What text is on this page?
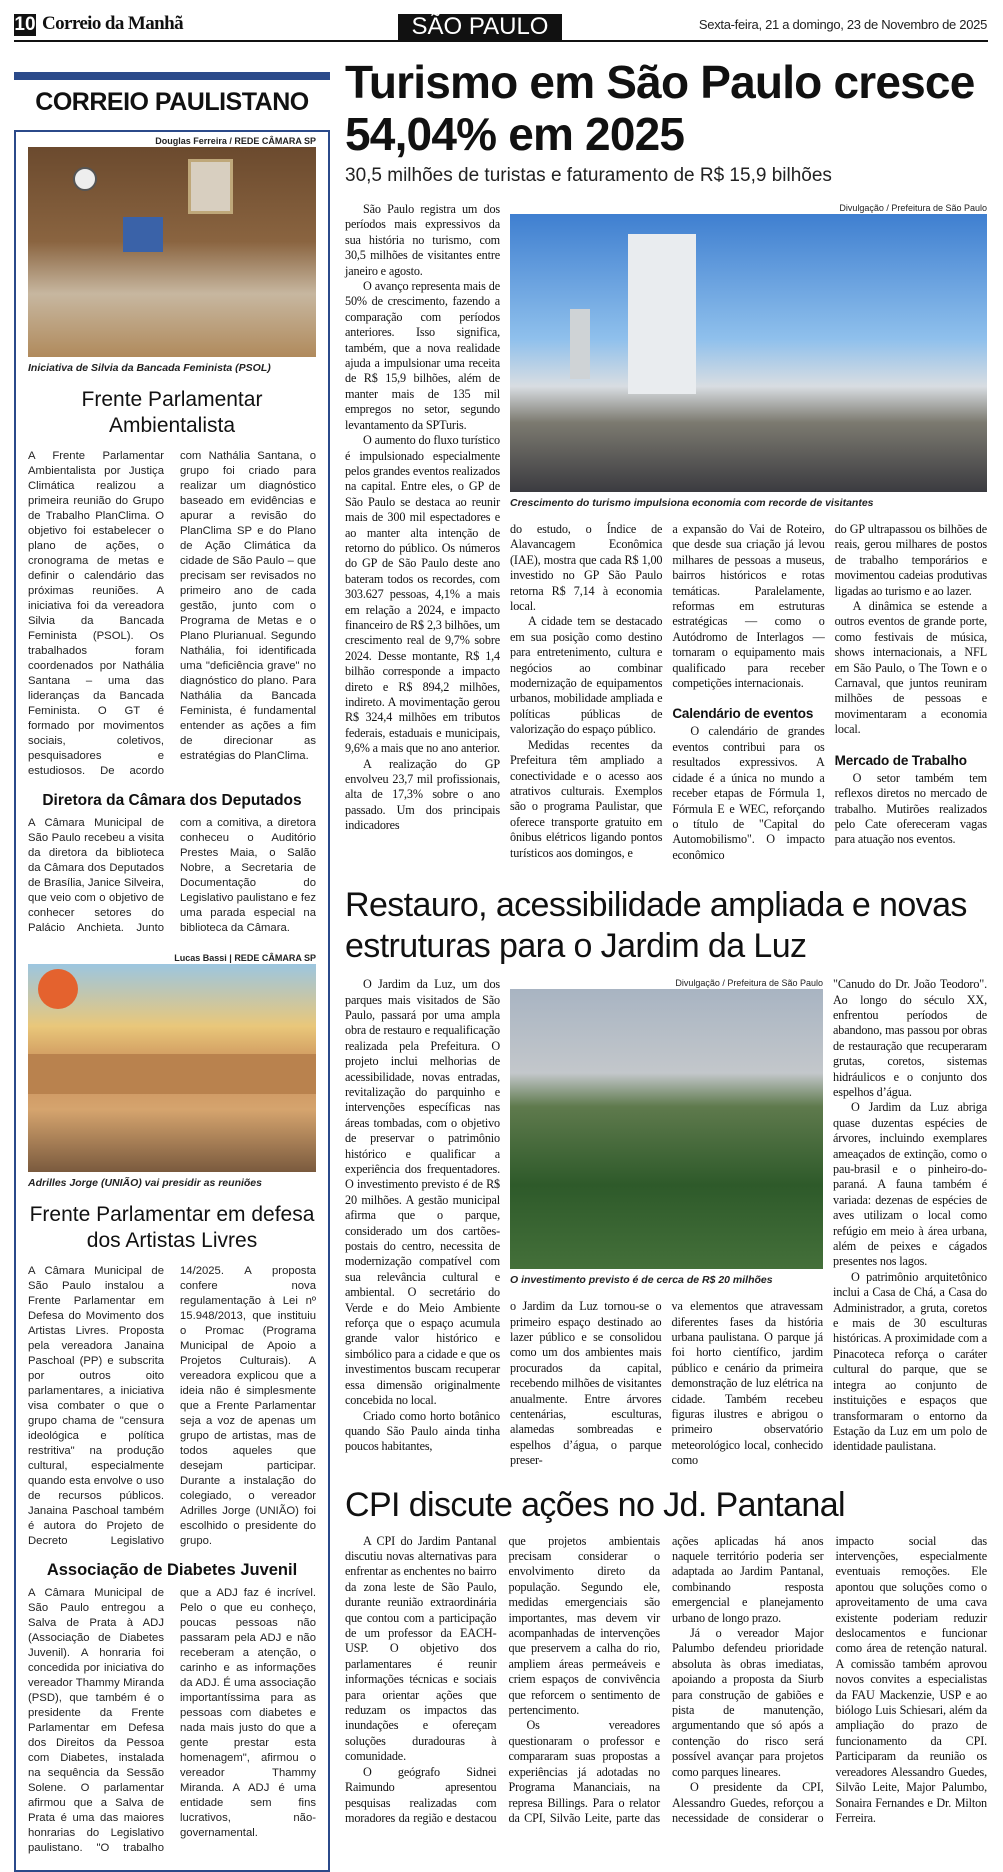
10 Correio da Manhã	SÃO PAULO	Sexta-feira, 21 a domingo, 23 de Novembro de 2025
CORREIO PAULISTANO
Douglas Ferreira / REDE CÂMARA SP
Iniciativa de Silvia da Bancada Feminista (PSOL)
Frente Parlamentar Ambientalista
A Frente Parlamentar Ambientalista por Justiça Climática realizou a primeira reunião do Grupo de Trabalho PlanClima. O objetivo foi estabelecer o plano de ações, o cronograma de metas e definir o calendário das próximas reuniões. A iniciativa foi da vereadora Silvia da Bancada Feminista (PSOL). Os trabalhados foram coordenados por Nathália Santana – uma das lideranças da Bancada Feminista. O GT é formado por movimentos sociais, coletivos, pesquisadores e estudiosos. De acordo com Nathália Santana, o grupo foi criado para realizar um diagnóstico baseado em evidências e apurar a revisão do PlanClima SP e do Plano de Ação Climática da cidade de São Paulo – que precisam ser revisados no primeiro ano de cada gestão, junto com o Programa de Metas e o Plano Plurianual. Segundo Nathália, foi identificada uma "deficiência grave" no diagnóstico do plano. Para Nathália da Bancada Feminista, é fundamental entender as ações a fim de direcionar as estratégias do PlanClima.
Diretora da Câmara dos Deputados
A Câmara Municipal de São Paulo recebeu a visita da diretora da biblioteca da Câmara dos Deputados de Brasília, Janice Silveira, que veio com o objetivo de conhecer setores do Palácio Anchieta. Junto com a comitiva, a diretora conheceu o Auditório Prestes Maia, o Salão Nobre, a Secretaria de Documentação do Legislativo paulistano e fez uma parada especial na biblioteca da Câmara.
Lucas Bassi | REDE CÂMARA SP
Adrilles Jorge (UNIÃO) vai presidir as reuniões
Frente Parlamentar em defesa dos Artistas Livres
A Câmara Municipal de São Paulo instalou a Frente Parlamentar em Defesa do Movimento dos Artistas Livres. Proposta pela vereadora Janaina Paschoal (PP) e subscrita por outros oito parlamentares, a iniciativa visa combater o que o grupo chama de "censura ideológica e política restritiva" na produção cultural, especialmente quando esta envolve o uso de recursos públicos. Janaina Paschoal também é autora do Projeto de Decreto Legislativo 14/2025. A proposta confere nova regulamentação à Lei nº 15.948/2013, que instituiu o Promac (Programa Municipal de Apoio a Projetos Culturais). A vereadora explicou que a ideia não é simplesmente que a Frente Parlamentar seja a voz de apenas um grupo de artistas, mas de todos aqueles que desejam participar. Durante a instalação do colegiado, o vereador Adrilles Jorge (UNIÃO) foi escolhido o presidente do grupo.
Associação de Diabetes Juvenil
A Câmara Municipal de São Paulo entregou a Salva de Prata à ADJ (Associação de Diabetes Juvenil). A honraria foi concedida por iniciativa do vereador Thammy Miranda (PSD), que também é o presidente da Frente Parlamentar em Defesa dos Direitos da Pessoa com Diabetes, instalada na sequência da Sessão Solene. O parlamentar afirmou que a Salva de Prata é uma das maiores honrarias do Legislativo paulistano. "O trabalho que a ADJ faz é incrível. Pelo o que eu conheço, poucas pessoas não passaram pela ADJ e não receberam a atenção, o carinho e as informações da ADJ. É uma associação importantíssima para as pessoas com diabetes e nada mais justo do que a gente prestar esta homenagem", afirmou o vereador Thammy Miranda. A ADJ é uma entidade sem fins lucrativos, não-governamental.
Turismo em São Paulo cresce 54,04% em 2025
30,5 milhões de turistas e faturamento de R$ 15,9 bilhões

São Paulo registra um dos períodos mais expressivos da sua história no turismo, com 30,5 milhões de visitantes entre janeiro e agosto.

O avanço representa mais de 50% de crescimento, fazendo a comparação com períodos anteriores. Isso significa, também, que a nova realidade ajuda a impulsionar uma receita de R$ 15,9 bilhões, além de manter mais de 135 mil empregos no setor, segundo levantamento da SPTuris.

O aumento do fluxo turístico é impulsionado especialmente pelos grandes eventos realizados na capital. Entre eles, o GP de São Paulo se destaca ao reunir mais de 300 mil espectadores e ao manter alta intenção de retorno do público. Os números do GP de São Paulo deste ano bateram todos os recordes, com 303.627 pessoas, 4,1% a mais em relação a 2024, e impacto financeiro de R$ 2,3 bilhões, um crescimento real de 9,7% sobre 2024. Desse montante, R$ 1,4 bilhão corresponde a impacto direto e R$ 894,2 milhões, indireto. A movimentação gerou R$ 324,4 milhões em tributos federais, estaduais e municipais, 9,6% a mais que no ano anterior.

A realização do GP envolveu 23,7 mil profissionais, alta de 17,3% sobre o ano passado. Um dos principais indicadores

Divulgação / Prefeitura de São Paulo
Crescimento do turismo impulsiona economia com recorde de visitantes

do estudo, o Índice de Alavancagem Econômica (IAE), mostra que cada R$ 1,00 investido no GP São Paulo retorna R$ 7,14 à economia local.

A cidade tem se destacado em sua posição como destino para entretenimento, cultura e negócios ao combinar modernização de equipamentos urbanos, mobilidade ampliada e políticas públicas de valorização do espaço público.

Medidas recentes da Prefeitura têm ampliado a conectividade e o acesso aos atrativos culturais. Exemplos são o programa Paulistar, que oferece transporte gratuito em ônibus elétricos ligando pontos turísticos aos domingos, e

a expansão do Vai de Roteiro, que desde sua criação já levou milhares de pessoas a museus, bairros históricos e rotas temáticas. Paralelamente, reformas em estruturas estratégicas — como o Autódromo de Interlagos — tornaram o equipamento mais qualificado para receber competições internacionais.

Calendário de eventos

O calendário de grandes eventos contribui para os resultados expressivos. A cidade é a única no mundo a receber etapas de Fórmula 1, Fórmula E e WEC, reforçando o título de "Capital do Automobilismo". O impacto econômico

do GP ultrapassou os bilhões de reais, gerou milhares de postos de trabalho temporários e movimentou cadeias produtivas ligadas ao turismo e ao lazer.

A dinâmica se estende a outros eventos de grande porte, como festivais de música, shows internacionais, a NFL em São Paulo, o The Town e o Carnaval, que juntos reuniram milhões de pessoas e movimentaram a economia local.

Mercado de Trabalho

O setor também tem reflexos diretos no mercado de trabalho. Mutirões realizados pelo Cate ofereceram vagas para atuação nos eventos.

Restauro, acessibilidade ampliada e novas estruturas para o Jardim da Luz

O Jardim da Luz, um dos parques mais visitados de São Paulo, passará por uma ampla obra de restauro e requalificação realizada pela Prefeitura. O projeto inclui melhorias de acessibilidade, novas entradas, revitalização do parquinho e intervenções específicas nas áreas tombadas, com o objetivo de preservar o patrimônio histórico e qualificar a experiência dos frequentadores. O investimento previsto é de R$ 20 milhões. A gestão municipal afirma que o parque, considerado um dos cartões-postais do centro, necessita de modernização compatível com sua relevância cultural e ambiental. O secretário do Verde e do Meio Ambiente reforça que o espaço acumula grande valor histórico e simbólico para a cidade e que os investimentos buscam recuperar essa dimensão originalmente concebida no local.

Criado como horto botânico quando São Paulo ainda tinha poucos habitantes,

Divulgação / Prefeitura de São Paulo
O investimento previsto é de cerca de R$ 20 milhões

o Jardim da Luz tornou-se o primeiro espaço destinado ao lazer público e se consolidou como um dos ambientes mais procurados da capital, recebendo milhões de visitantes anualmente. Entre árvores centenárias, esculturas, alamedas sombreadas e espelhos d’água, o parque preser-

va elementos que atravessam diferentes fases da história urbana paulistana. O parque já foi horto científico, jardim público e cenário da primeira demonstração de luz elétrica na cidade. Também recebeu figuras ilustres e abrigou o primeiro observatório meteorológico local, conhecido como

"Canudo do Dr. João Teodoro". Ao longo do século XX, enfrentou períodos de abandono, mas passou por obras de restauração que recuperaram grutas, coretos, sistemas hidráulicos e o conjunto dos espelhos d’água.

O Jardim da Luz abriga quase duzentas espécies de árvores, incluindo exemplares ameaçados de extinção, como o pau-brasil e o pinheiro-do-paraná. A fauna também é variada: dezenas de espécies de aves utilizam o local como refúgio em meio à área urbana, além de peixes e cágados presentes nos lagos.

O patrimônio arquitetônico inclui a Casa de Chá, a Casa do Administrador, a gruta, coretos e mais de 30 esculturas históricas. A proximidade com a Pinacoteca reforça o caráter cultural do parque, que se integra ao conjunto de instituições e espaços que transformaram o entorno da Estação da Luz em um polo de identidade paulistana.

CPI discute ações no Jd. Pantanal

A CPI do Jardim Pantanal discutiu novas alternativas para enfrentar as enchentes no bairro da zona leste de São Paulo, durante reunião extraordinária que contou com a participação de um professor da EACH-USP. O objetivo dos parlamentares é reunir informações técnicas e sociais para orientar ações que reduzam os impactos das inundações e ofereçam soluções duradouras à comunidade.

O geógrafo Sidnei Raimundo apresentou pesquisas realizadas com moradores da região e destacou que projetos ambientais precisam considerar o envolvimento direto da população. Segundo ele, medidas emergenciais são importantes, mas devem vir acompanhadas de intervenções que preservem a calha do rio, ampliem áreas permeáveis e criem espaços de convivência que reforcem o sentimento de pertencimento.

Os vereadores questionaram o professor e compararam suas propostas a experiências já adotadas no Programa Mananciais, na represa Billings. Para o relator da CPI, Silvão Leite, parte das ações aplicadas há anos naquele território poderia ser adaptada ao Jardim Pantanal, combinando resposta emergencial e planejamento urbano de longo prazo.

Já o vereador Major Palumbo defendeu prioridade absoluta às obras imediatas, apoiando a proposta da Siurb para construção de gabiões e pista de manutenção, argumentando que só após a contenção do risco será possível avançar para projetos como parques lineares.

O presidente da CPI, Alessandro Guedes, reforçou a necessidade de considerar o impacto social das intervenções, especialmente eventuais remoções. Ele apontou que soluções como o aproveitamento de uma cava existente poderiam reduzir deslocamentos e funcionar como área de retenção natural. A comissão também aprovou novos convites a especialistas da FAU Mackenzie, USP e ao biólogo Luis Schiesari, além da ampliação do prazo de funcionamento da CPI. Participaram da reunião os vereadores Alessandro Guedes, Silvão Leite, Major Palumbo, Sonaira Fernandes e Dr. Milton Ferreira.
